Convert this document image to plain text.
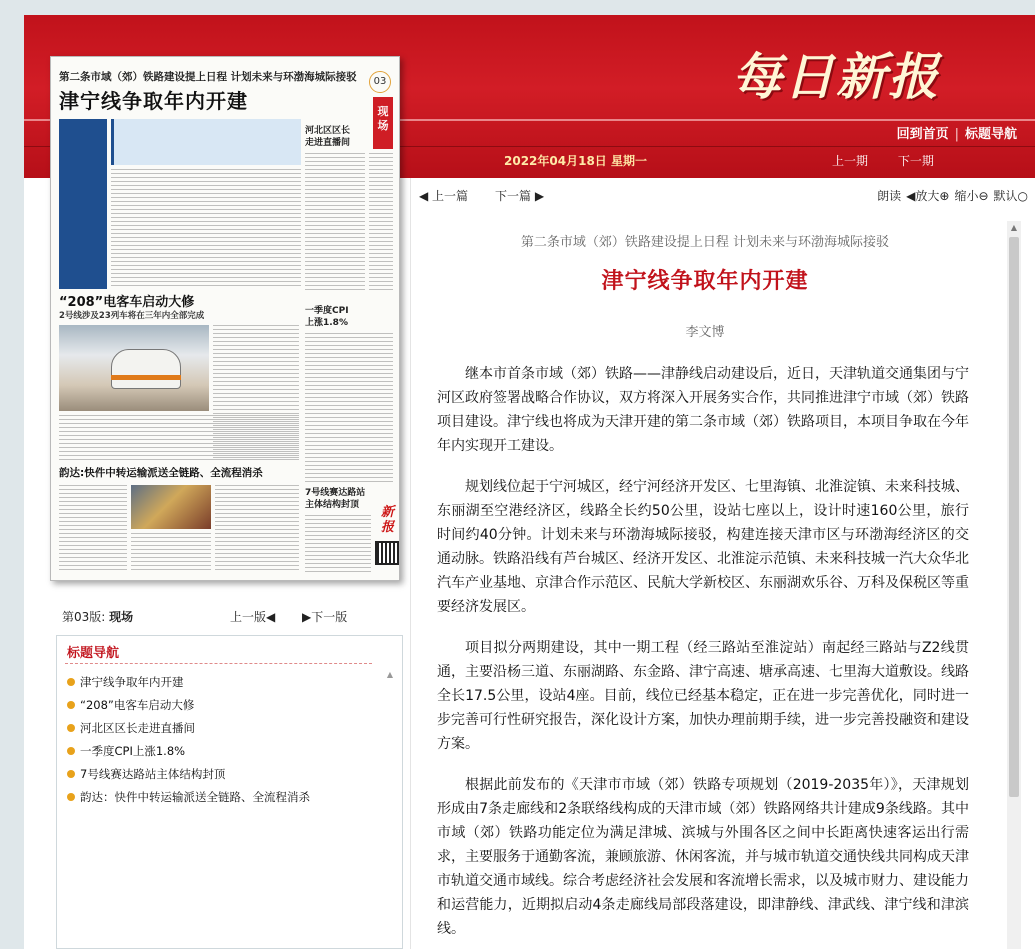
每日新报
回到首页 | 标题导航
2022年04月18日 星期一	上一期 下一期
第二条市域（郊）铁路建设提上日程 计划未来与环渤海城际接驳
津宁线争取年内开建
03
现场
河北区区长
走进直播间
“208”电客车启动大修
2号线涉及23列车将在三年内全部完成	一季度CPI
上涨1.8%
韵达:快件中转运输派送全链路、全流程消杀
7号线赛达路站
主体结构封顶	新
报
第03版: 现场	上一版◀ ▶下一版
标题导航
津宁线争取年内开建
“208”电客车启动大修
河北区区长走进直播间
一季度CPI上涨1.8%
7号线赛达路站主体结构封顶
韵达：快件中转运输派送全链路、全流程消杀
▲
◀ 上一篇 下一篇 ▶	朗读 ◀放大⊕ 缩小⊖ 默认○
第二条市域（郊）铁路建设提上日程 计划未来与环渤海城际接驳
津宁线争取年内开建
李文博

继本市首条市域（郊）铁路——津静线启动建设后，近日，天津轨道交通集团与宁河区政府签署战略合作协议，双方将深入开展务实合作，共同推进津宁市域（郊）铁路项目建设。津宁线也将成为天津开建的第二条市域（郊）铁路项目，本项目争取在今年年内实现开工建设。

规划线位起于宁河城区，经宁河经济开发区、七里海镇、北淮淀镇、未来科技城、东丽湖至空港经济区，线路全长约50公里，设站七座以上，设计时速160公里，旅行时间约40分钟。计划未来与环渤海城际接驳，构建连接天津市区与环渤海经济区的交通动脉。铁路沿线有芦台城区、经济开发区、北淮淀示范镇、未来科技城一汽大众华北汽车产业基地、京津合作示范区、民航大学新校区、东丽湖欢乐谷、万科及保税区等重要经济发展区。

项目拟分两期建设，其中一期工程（经三路站至淮淀站）南起经三路站与Z2线贯通，主要沿杨三道、东丽湖路、东金路、津宁高速、塘承高速、七里海大道敷设。线路全长17.5公里，设站4座。目前，线位已经基本稳定，正在进一步完善优化，同时进一步完善可行性研究报告，深化设计方案，加快办理前期手续，进一步完善投融资和建设方案。

根据此前发布的《天津市市域（郊）铁路专项规划（2019-2035年）》，天津规划形成由7条走廊线和2条联络线构成的天津市域（郊）铁路网络共计建成9条线路。其中市域（郊）铁路功能定位为满足津城、滨城与外围各区之间中长距离快速客运出行需求，主要服务于通勤客流，兼顾旅游、休闲客流，并与城市轨道交通快线共同构成天津市轨道交通市域线。综合考虑经济社会发展和客流增长需求，以及城市财力、建设能力和运营能力，近期拟启动4条走廊线局部段落建设，即津静线、津武线、津宁线和津滨线。

▲
